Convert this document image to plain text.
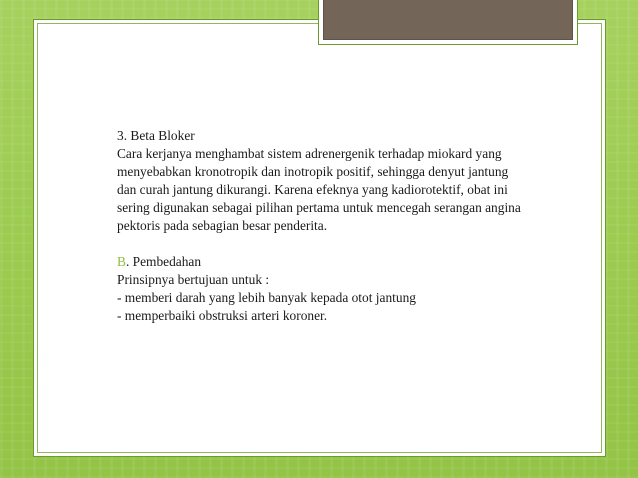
3. Beta Bloker

Cara kerjanya menghambat sistem adrenergenik terhadap miokard yang

menyebabkan kronotropik dan inotropik positif, sehingga denyut jantung

dan curah jantung dikurangi. Karena efeknya yang kadiorotektif, obat ini

sering digunakan sebagai pilihan pertama untuk mencegah serangan angina

pektoris pada sebagian besar penderita.

B. Pembedahan

Prinsipnya bertujuan untuk :

- memberi darah yang lebih banyak kepada otot jantung

- memperbaiki obstruksi arteri koroner.
